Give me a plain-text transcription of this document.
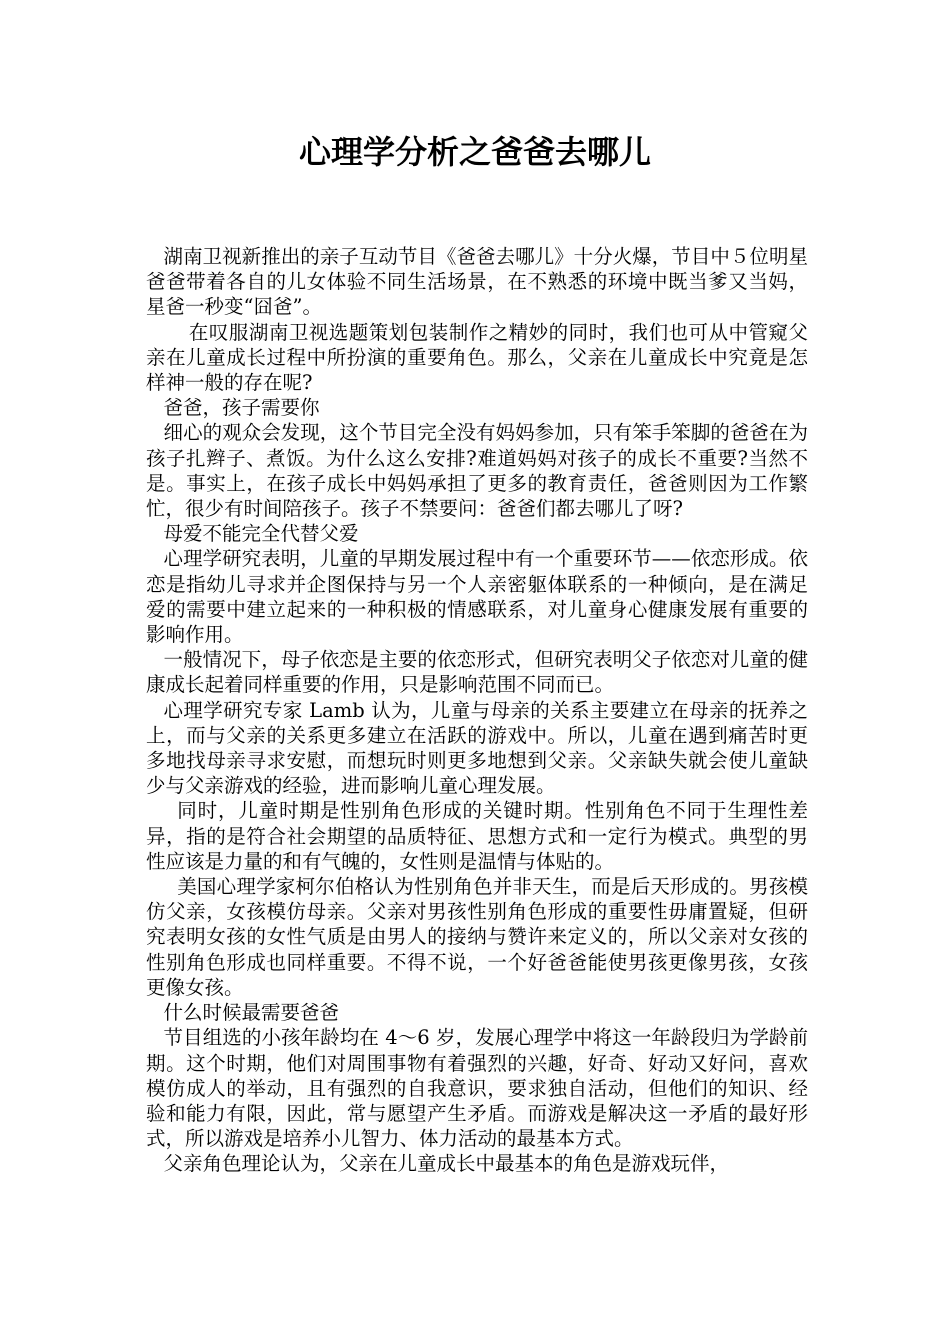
心理学分析之爸爸去哪儿

湖南卫视新推出的亲子互动节目《爸爸去哪儿》十分火爆，节目中５位明星爸爸带着各自的儿女体验不同生活场景，在不熟悉的环境中既当爹又当妈，星爸一秒变“囧爸”。

在叹服湖南卫视选题策划包装制作之精妙的同时，我们也可从中管窥父亲在儿童成长过程中所扮演的重要角色。那么，父亲在儿童成长中究竟是怎样神一般的存在呢?

爸爸，孩子需要你

细心的观众会发现，这个节目完全没有妈妈参加，只有笨手笨脚的爸爸在为孩子扎辫子、煮饭。为什么这么安排?难道妈妈对孩子的成长不重要?当然不是。事实上，在孩子成长中妈妈承担了更多的教育责任，爸爸则因为工作繁忙，很少有时间陪孩子。孩子不禁要问：爸爸们都去哪儿了呀?

母爱不能完全代替父爱

心理学研究表明，儿童的早期发展过程中有一个重要环节——依恋形成。依恋是指幼儿寻求并企图保持与另一个人亲密躯体联系的一种倾向，是在满足爱的需要中建立起来的一种积极的情感联系，对儿童身心健康发展有重要的影响作用。

一般情况下，母子依恋是主要的依恋形式，但研究表明父子依恋对儿童的健康成长起着同样重要的作用，只是影响范围不同而已。

心理学研究专家 Lamb 认为，儿童与母亲的关系主要建立在母亲的抚养之上，而与父亲的关系更多建立在活跃的游戏中。所以，儿童在遇到痛苦时更多地找母亲寻求安慰，而想玩时则更多地想到父亲。父亲缺失就会使儿童缺少与父亲游戏的经验，进而影响儿童心理发展。

同时，儿童时期是性别角色形成的关键时期。性别角色不同于生理性差异，指的是符合社会期望的品质特征、思想方式和一定行为模式。典型的男性应该是力量的和有气魄的，女性则是温情与体贴的。

美国心理学家柯尔伯格认为性别角色并非天生，而是后天形成的。男孩模仿父亲，女孩模仿母亲。父亲对男孩性别角色形成的重要性毋庸置疑，但研究表明女孩的女性气质是由男人的接纳与赞许来定义的，所以父亲对女孩的性别角色形成也同样重要。不得不说，一个好爸爸能使男孩更像男孩，女孩更像女孩。

什么时候最需要爸爸

节目组选的小孩年龄均在 4～6 岁，发展心理学中将这一年龄段归为学龄前期。这个时期，他们对周围事物有着强烈的兴趣，好奇、好动又好问，喜欢模仿成人的举动，且有强烈的自我意识，要求独自活动，但他们的知识、经验和能力有限，因此，常与愿望产生矛盾。而游戏是解决这一矛盾的最好形式，所以游戏是培养小儿智力、体力活动的最基本方式。

父亲角色理论认为，父亲在儿童成长中最基本的角色是游戏玩伴，
